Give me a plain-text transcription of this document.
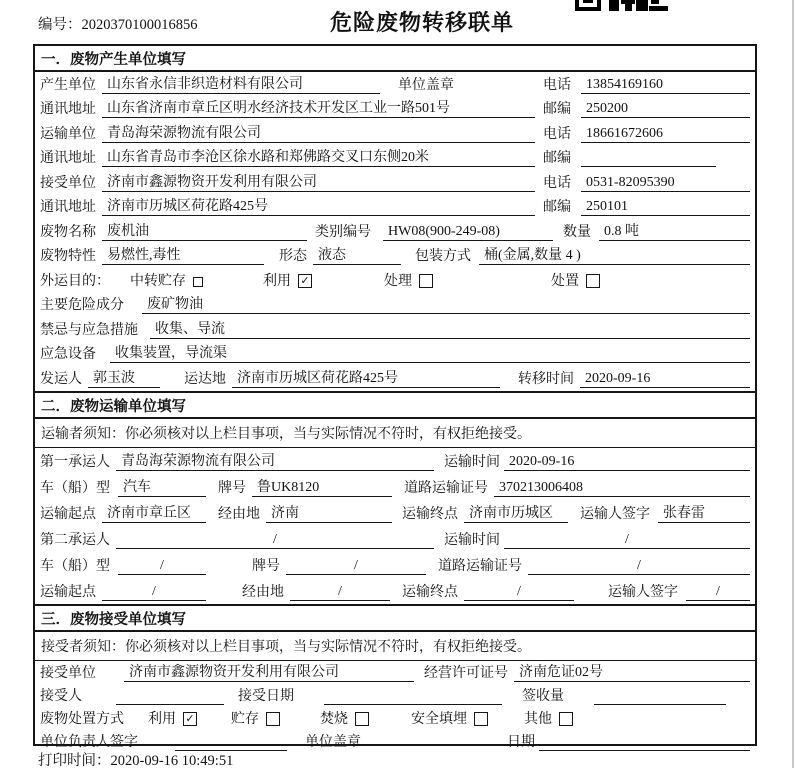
编号：2020370100016856	危险废物转移联单
一．废物产生单位填写
产生单位 山东省永信非织造材料有限公司	单位盖章	电话	13854169160
通讯地址 山东省济南市章丘区明水经济技术开发区工业一路501号	邮编	250200
运输单位 青岛海荣源物流有限公司	电话	18661672606
通讯地址 山东省青岛市李沧区徐水路和郑佛路交叉口东侧20米	邮编
接受单位 济南市鑫源物资开发利用有限公司	电话	0531-82095390
通讯地址 济南市历城区荷花路425号	邮编	250101
废物名称 废机油	类别编号	HW08(900-249-08)	数量 0.8 吨
废物特性 易燃性,毒性	形态 液态	包装方式 桶(金属,数量 4 )
外运目的：	中转贮存	利用 ✓	处理	处置
主要危险成分	废矿物油
禁忌与应急措施	收集、导流
应急设备	收集装置，导流渠
发运人 郭玉波	运达地 济南市历城区荷花路425号	转移时间 2020-09-16
二．废物运输单位填写
运输者须知：你必须核对以上栏目事项，当与实际情况不符时，有权拒绝接受。
第一承运人 青岛海荣源物流有限公司	运输时间 2020-09-16
车（船）型 汽车	牌号 鲁UK8120	道路运输证号 370213006408
运输起点 济南市章丘区	经由地 济南	运输终点 济南市历城区	运输人签字 张春雷
第二承运人	/	运输时间	/
车（船）型	/	牌号	/	道路运输证号	/
运输起点	/	经由地	/	运输终点	/	运输人签字	/
三．废物接受单位填写
接受者须知：你必须核对以上栏目事项，当与实际情况不符时，有权拒绝接受。
接受单位	济南市鑫源物资开发利用有限公司	经营许可证号 济南危证02号
接受人	接受日期	签收量
废物处置方式	利用 ✓	贮存	焚烧	安全填埋	其他
单位负责人签字	单位盖章	日期
打印时间：2020-09-16 10:49:51
